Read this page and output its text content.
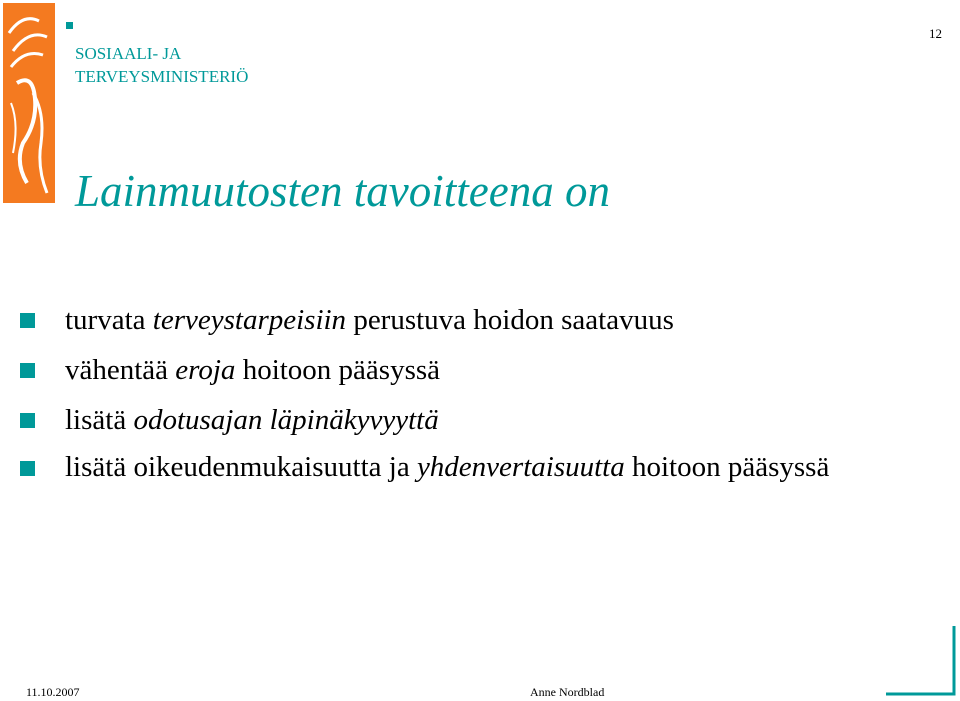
SOSIAALI- JA
TERVEYSMINISTERIÖ
12
Lainmuutosten tavoitteena on
turvata terveystarpeisiin perustuva hoidon saatavuus
vähentää eroja hoitoon pääsyssä
lisätä odotusajan läpinäkyvyyttä
lisätä oikeudenmukaisuutta ja yhdenvertaisuutta hoitoon pääsyssä
11.10.2007	Anne Nordblad
